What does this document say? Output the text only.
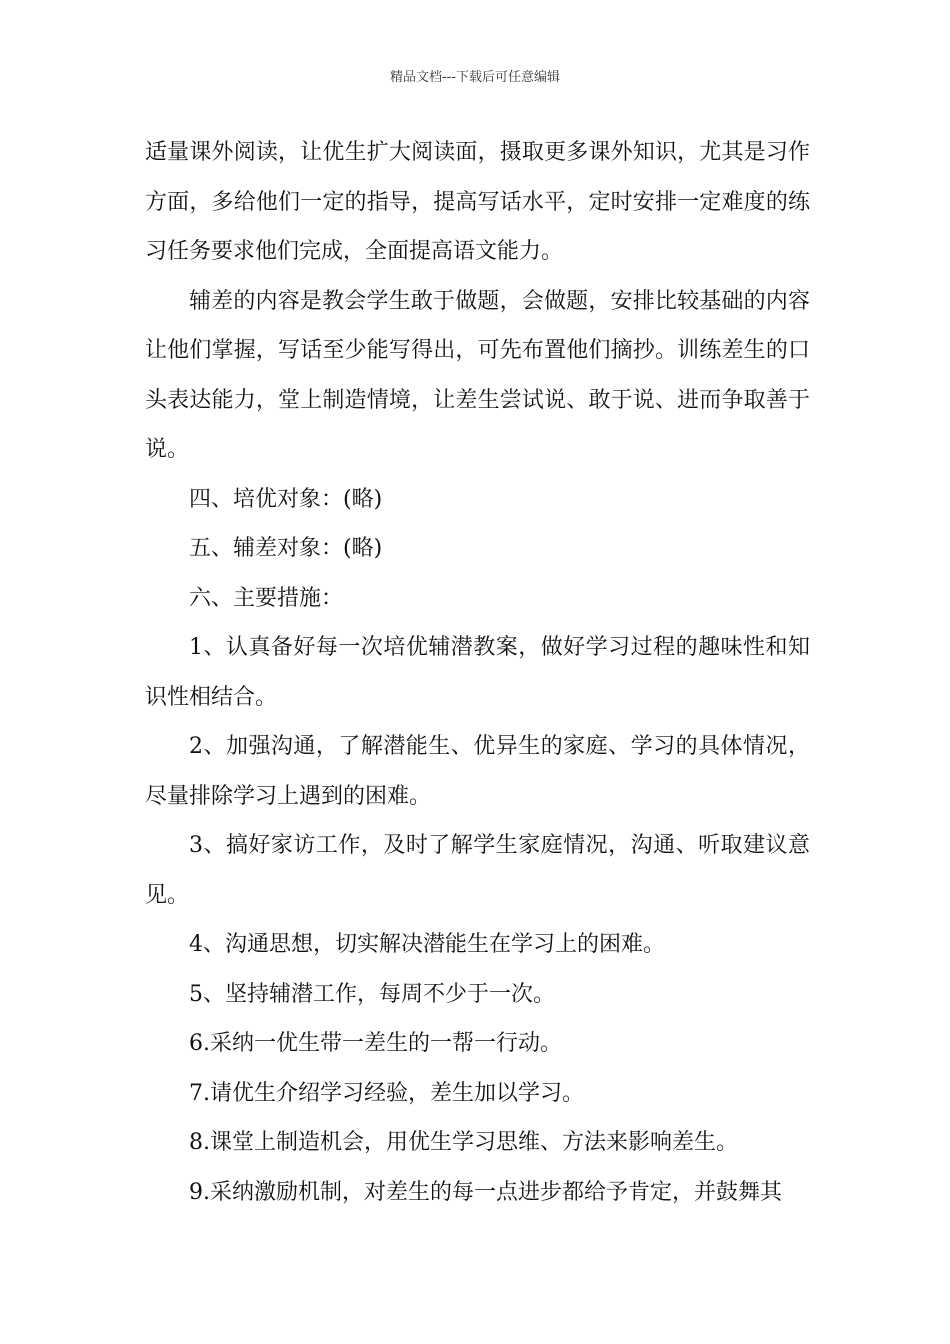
精品文档---下载后可任意编辑

适量课外阅读，让优生扩大阅读面，摄取更多课外知识，尤其是习作方面，多给他们一定的指导，提高写话水平，定时安排一定难度的练习任务要求他们完成，全面提高语文能力。

辅差的内容是教会学生敢于做题，会做题，安排比较基础的内容让他们掌握，写话至少能写得出，可先布置他们摘抄。训练差生的口头表达能力，堂上制造情境，让差生尝试说、敢于说、进而争取善于说。

四、培优对象：(略)

五、辅差对象：(略)

六、主要措施：

1、认真备好每一次培优辅潜教案，做好学习过程的趣味性和知识性相结合。

2、加强沟通，了解潜能生、优异生的家庭、学习的具体情况，尽量排除学习上遇到的困难。

3、搞好家访工作，及时了解学生家庭情况，沟通、听取建议意见。

4、沟通思想，切实解决潜能生在学习上的困难。

5、坚持辅潜工作，每周不少于一次。

6.采纳一优生带一差生的一帮一行动。

7.请优生介绍学习经验，差生加以学习。

8.课堂上制造机会，用优生学习思维、方法来影响差生。

9.采纳激励机制，对差生的每一点进步都给予肯定，并鼓舞其
